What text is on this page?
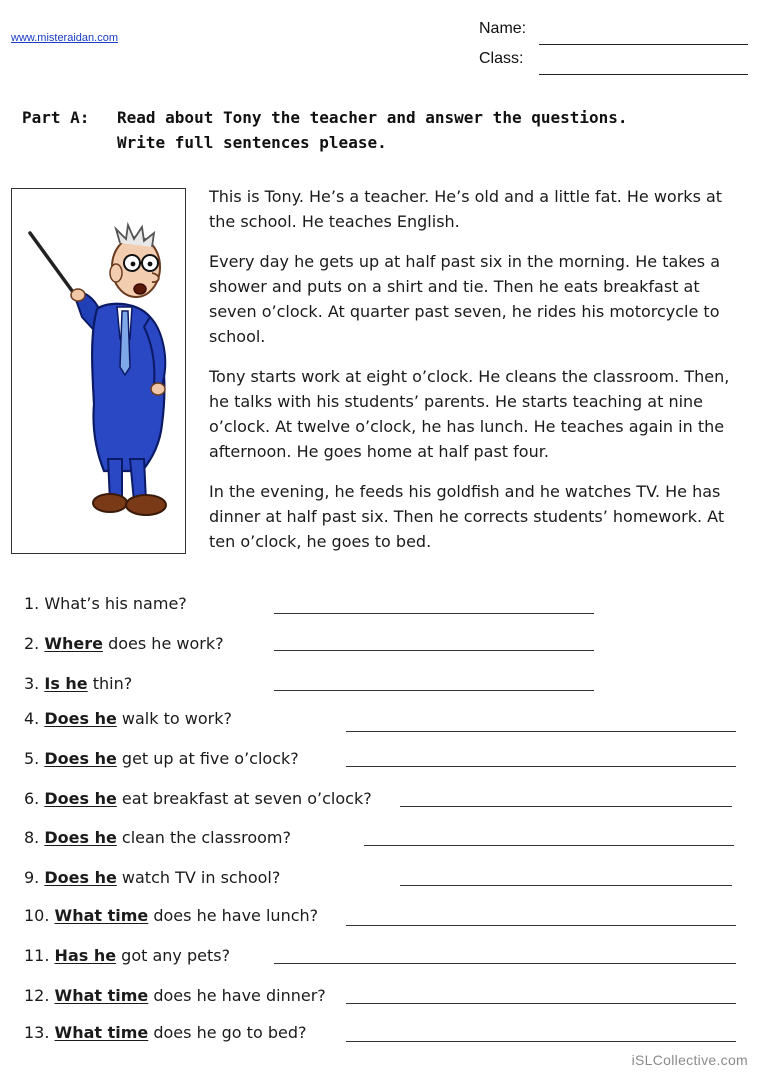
www.misteraidan.com
Name:
Class:
Part A: Read about Tony the teacher and answer the questions.
Write full sentences please.

This is Tony. He’s a teacher. He’s old and a little fat. He works at the school. He teaches English.

Every day he gets up at half past six in the morning. He takes a shower and puts on a shirt and tie. Then he eats breakfast at seven o’clock. At quarter past seven, he rides his motorcycle to school.

Tony starts work at eight o’clock. He cleans the classroom. Then, he talks with his students’ parents. He starts teaching at nine o’clock. At twelve o’clock, he has lunch. He teaches again in the afternoon. He goes home at half past four.

In the evening, he feeds his goldfish and he watches TV. He has dinner at half past six. Then he corrects students’ homework. At ten o’clock, he goes to bed.

1. What’s his name?
2. Where does he work?
3. Is he thin?
4. Does he walk to work?
5. Does he get up at five o’clock?
6. Does he eat breakfast at seven o’clock?
8. Does he clean the classroom?
9. Does he watch TV in school?
10. What time does he have lunch?
11. Has he got any pets?
12. What time does he have dinner?
13. What time does he go to bed?
iSLCollective.com
